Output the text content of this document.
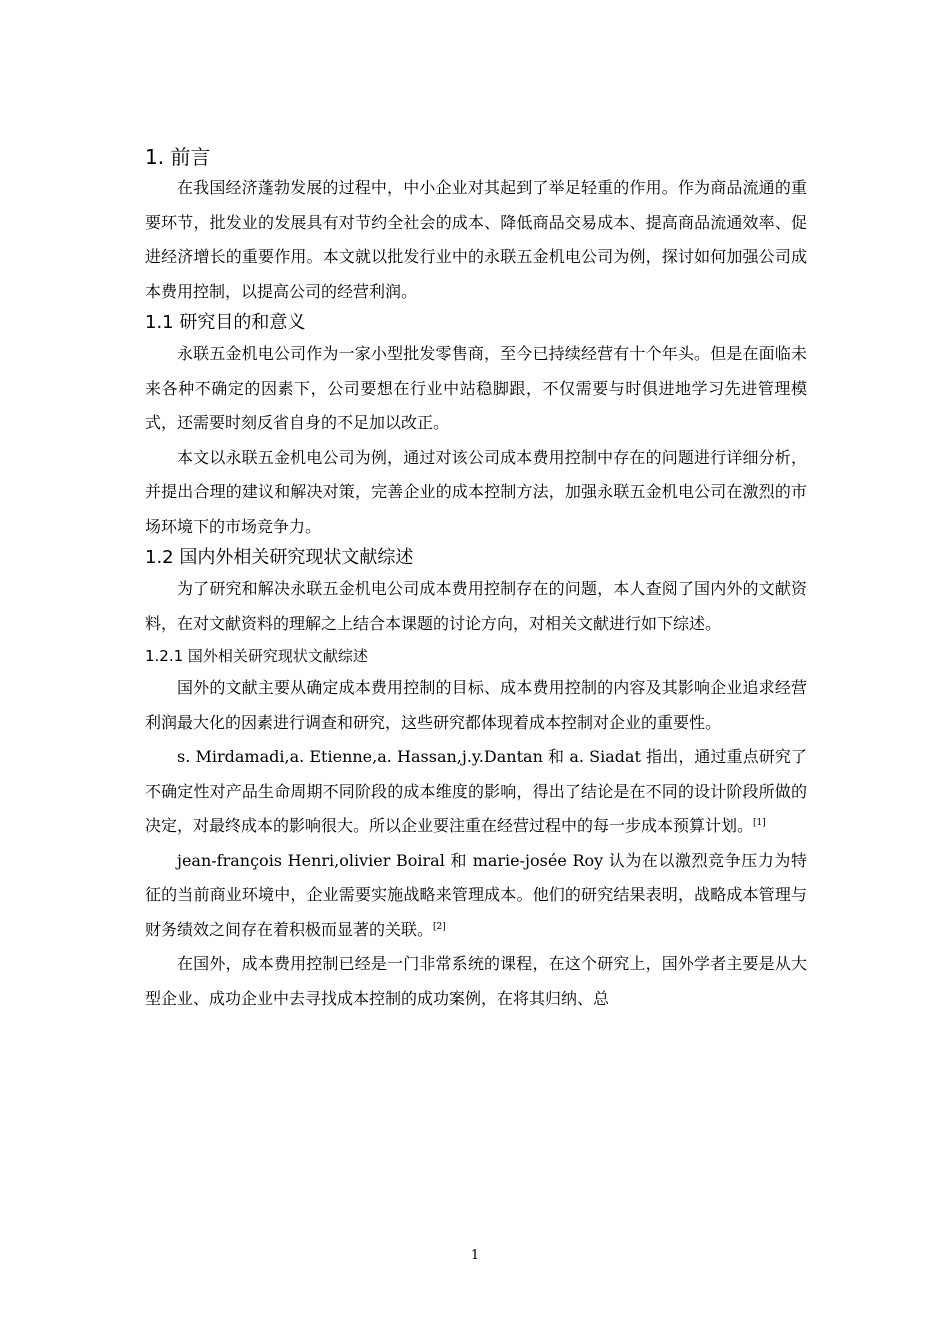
1. 前言

在我国经济蓬勃发展的过程中，中小企业对其起到了举足轻重的作用。作为商品流通的重要环节，批发业的发展具有对节约全社会的成本、降低商品交易成本、提高商品流通效率、促进经济增长的重要作用。本文就以批发行业中的永联五金机电公司为例，探讨如何加强公司成本费用控制，以提高公司的经营利润。

1.1 研究目的和意义

永联五金机电公司作为一家小型批发零售商，至今已持续经营有十个年头。但是在面临未来各种不确定的因素下，公司要想在行业中站稳脚跟，不仅需要与时俱进地学习先进管理模式，还需要时刻反省自身的不足加以改正。

本文以永联五金机电公司为例，通过对该公司成本费用控制中存在的问题进行详细分析，并提出合理的建议和解决对策，完善企业的成本控制方法，加强永联五金机电公司在激烈的市场环境下的市场竞争力。

1.2 国内外相关研究现状文献综述

为了研究和解决永联五金机电公司成本费用控制存在的问题，本人查阅了国内外的文献资料，在对文献资料的理解之上结合本课题的讨论方向，对相关文献进行如下综述。

1.2.1 国外相关研究现状文献综述

国外的文献主要从确定成本费用控制的目标、成本费用控制的内容及其影响企业追求经营利润最大化的因素进行调查和研究，这些研究都体现着成本控制对企业的重要性。

s. Mirdamadi,a. Etienne,a. Hassan,j.y.Dantan 和 a. Siadat 指出，通过重点研究了不确定性对产品生命周期不同阶段的成本维度的影响，得出了结论是在不同的设计阶段所做的决定，对最终成本的影响很大。所以企业要注重在经营过程中的每一步成本预算计划。[1]

jean-françois Henri,olivier Boiral 和 marie-josée Roy 认为在以激烈竞争压力为特征的当前商业环境中，企业需要实施战略来管理成本。他们的研究结果表明，战略成本管理与财务绩效之间存在着积极而显著的关联。[2]

在国外，成本费用控制已经是一门非常系统的课程，在这个研究上，国外学者主要是从大型企业、成功企业中去寻找成本控制的成功案例，在将其归纳、总

1
